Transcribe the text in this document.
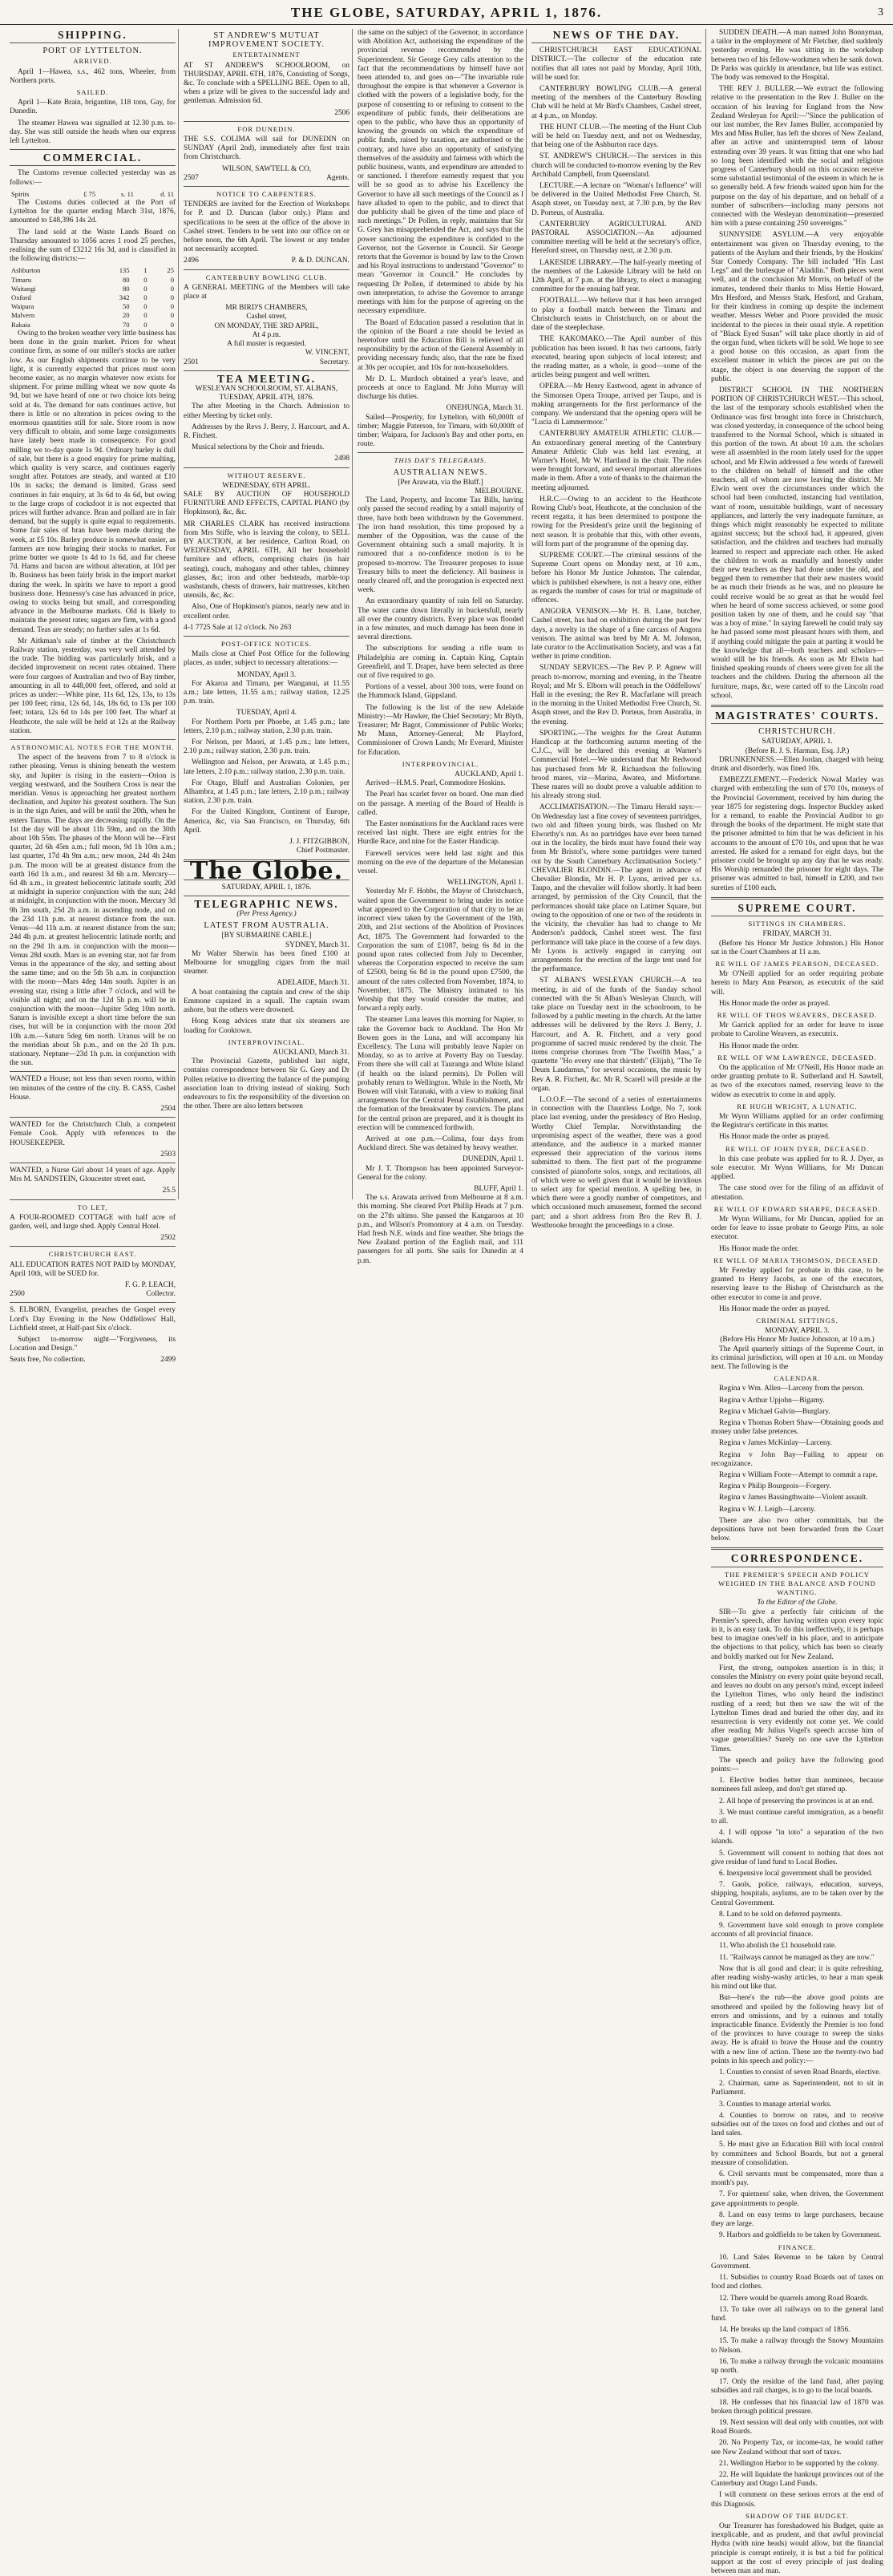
THE GLOBE, SATURDAY, APRIL 1, 1876.	3
SHIPPING.
PORT OF LYTTELTON.
ARRIVED.

April 1—Hawea, s.s., 462 tons, Wheeler, from Northern ports.

SAILED.

April 1—Kate Brain, brigantine, 118 tons, Gay, for Dunedin.

The steamer Hawea was signalled at 12.30 p.m. to-day. She was still outside the heads when our express left Lyttelton.

COMMERCIAL.

The Customs revenue collected yesterday was as follows:—

Spirits	£ 75	s. 11	d. 11

The Customs duties collected at the Port of Lyttelton for the quarter ending March 31st, 1876, amounted to £48,396 14s 2d.

The land sold at the Waste Lands Board on Thursday amounted to 1056 acres 1 rood 25 perches, realising the sum of £3212 16s 3d, and is classified in the following districts:—

Ashburton	135	1	25
Timaru	80	0	0
Waitangi	80	0	0
Oxford	342	0	0
Waipara	50	0	0
Malvern	20	0	0
Rakaia	70	0	0

Owing to the broken weather very little business has been done in the grain market. Prices for wheat continue firm, as some of our miller's stocks are rather low. As our English shipments continue to be very light, it is currently expected that prices must soon become easier, as no margin whatever now exists for shipment. For prime milling wheat we now quote 4s 9d, but we have heard of one or two choice lots being sold at 4s. The demand for oats continues active, but there is little or no alteration in prices owing to the enormous quantities still for sale. Store room is now very difficult to obtain, and some large consignments have lately been made in consequence. For good milling we to-day quote 1s 9d. Ordinary barley is dull of sale, but there is a good enquiry for prime malting, which quality is very scarce, and continues eagerly sought after. Potatoes are steady, and wanted at £10 10s in sacks; the demand is limited. Grass seed continues in fair enquiry, at 3s 6d to 4s 6d, but owing to the large crops of cocksfoot it is not expected that prices will further advance. Bran and pollard are in fair demand, but the supply is quite equal to requirements. Some fair sales of bran have been made during the week, at £5 10s. Barley produce is somewhat easier, as farmers are now bringing their stocks to market. For prime butter we quote 1s 4d to 1s 6d, and for cheese 7d. Hams and bacon are without alteration, at 10d per lb. Business has been fairly brisk in the import market during the week. In spirits we have to report a good business done. Hennessy's case has advanced in price, owing to stocks being but small, and corresponding advance in the Melbourne markets. Old is likely to maintain the present rates; sugars are firm, with a good demand. Teas are steady; no further sales at 1s 6d.

Mr Aitkman's sale of timber at the Christchurch Railway station, yesterday, was very well attended by the trade. The bidding was particularly brisk, and a decided improvement on recent rates obtained. There were four cargoes of Australian and two of Bay timber, amounting in all to 448,000 feet, offered, and sold at prices as under:—White pine, 11s 6d, 12s, 13s, to 13s per 100 feet; rimu, 12s 6d, 14s, 18s 6d, to 13s per 100 feet; totara, 12s 6d to 14s per 100 feet. The wharf at Heathcote, the sale will be held at 12s at the Railway station.

ASTRONOMICAL NOTES FOR THE MONTH.

The aspect of the heavens from 7 to 8 o'clock is rather pleasing. Venus is shining beneath the western sky, and Jupiter is rising in the eastern—Orion is verging westward, and the Southern Cross is near the meridian. Venus is approaching her greatest northern declination, and Jupiter his greatest southern. The Sun is in the sign Aries, and will be until the 20th, when he enters Taurus. The days are decreasing rapidly. On the 1st the day will be about 11h 59m, and on the 30th about 10h 55m. The phases of the Moon will be—First quarter, 2d 6h 45m a.m.; full moon, 9d 1h 10m a.m.; last quarter, 17d 4h 9m a.m.; new moon, 24d 4h 24m p.m. The moon will be at greatest distance from the earth 16d 1h a.m., and nearest 3d 6h a.m. Mercury—6d 4h a.m., in greatest heliocentric latitude south; 20d at midnight in superior conjunction with the sun; 24d at midnight, in conjunction with the moon. Mercury 3d 9h 3m south, 25d 2h a.m. in ascending node, and on the 23d 11h p.m. at nearest distance from the sun. Venus—4d 11h a.m. at nearest distance from the sun; 24d 4h p.m. at greatest heliocentric latitude north; and on the 29d 1h a.m. in conjunction with the moon—Venus 28d south. Mars is an evening star, not far from Venus in the appearance of the sky, and setting about the same time; and on the 5th 5h a.m. in conjunction with the moon—Mars 4deg 14m south. Jupiter is an evening star, rising a little after 7 o'clock, and will be visible all night; and on the 12d 5h p.m. will be in conjunction with the moon—Jupiter 5deg 10m north. Saturn is invisible except a short time before the sun rises, but will be in conjunction with the moon 20d 10h a.m.—Saturn 5deg 6m north. Uranus will be on the meridian about 5h p.m., and on the 2d 1h p.m. stationary. Neptune—23d 1h p.m. in conjunction with the sun.

WANTED a House; not less than seven rooms, within ten minutes of the centre of the city. B. CASS, Cashel House.

2504

WANTED for the Christchurch Club, a competent Female Cook. Apply with references to the HOUSEKEEPER.

2503

WANTED, a Nurse Girl about 14 years of age. Apply Mrs M. SANDSTEIN, Gloucester street east.

25.5
TO LET,

A FOUR-ROOMED COTTAGE with half acre of garden, well, and large shed. Apply Central Hotel.

2502
CHRISTCHURCH EAST.

ALL EDUCATION RATES NOT PAID by MONDAY, April 10th, will be SUED for.

F. G. P. LEACH,
2500	Collector.

S. ELBORN, Evangelist, preaches the Gospel every Lord's Day Evening in the New Oddfellows' Hall, Lichfield street, at Half-past Six o'clock.

Subject to-morrow night—"Forgiveness, its Location and Design."

Seats free, No collection.	2499
ST ANDREW'S MUTUAT IMPROVEMENT SOCIETY.
ENTERTAINMENT

AT ST ANDREW'S SCHOOLROOM, on THURSDAY, APRIL 6TH, 1876, Consisting of Songs, &c. To conclude with a SPELLING BEE. Open to all, when a prize will be given to the successful lady and gentleman. Admission 6d.

2506
FOR DUNEDIN.

THE S.S. COLIMA will sail for DUNEDIN on SUNDAY (April 2nd), immediately after first train from Christchurch.

WILSON, SAWTELL & CO,
2507	Agents.
NOTICE TO CARPENTERS.

TENDERS are invited for the Erection of Workshops for P. and D. Duncan (labor only.) Plans and specifications to be seen at the office of the above in Cashel street. Tenders to be sent into our office on or before noon, the 6th April. The lowest or any tender not necessarily accepted.

2496	P. & D. DUNCAN.
CANTERBURY BOWLING CLUB.

A GENERAL MEETING of the Members will take place at

MR BIRD'S CHAMBERS,
Cashel street,
ON MONDAY, THE 3RD APRIL,
At 4 p.m.
A full muster is requested.
W. VINCENT,
2501	Secretary.
TEA MEETING.
WESLEYAN SCHOOLROOM, ST. ALBANS,
TUESDAY, APRIL 4TH, 1876.

The after Meeting in the Church. Admission to either Meeting by ticket only.

Addresses by the Revs J. Berry, J. Harcourt, and A. R. Fitchett.

Musical selections by the Choir and friends.

2498
WITHOUT RESERVE.
WEDNESDAY, 6TH APRIL.

SALE BY AUCTION OF HOUSEHOLD FURNITURE AND EFFECTS, CAPITAL PIANO (by Hopkinson), &c, &c.

MR CHARLES CLARK has received instructions from Mrs Stiffe, who is leaving the colony, to SELL BY AUCTION, at her residence, Carlton Road, on WEDNESDAY, APRIL 6TH, All her household furniture and effects, comprising chairs (in hair seating), couch, mahogany and other tables, chimney glasses, &c; iron and other bedsteads, marble-top washstands, chests of drawers, hair mattresses, kitchen utensils, &c, &c.

Also, One of Hopkinson's pianos, nearly new and in excellent order.

4-1 7725 Sale at 12 o'clock. No 263
POST-OFFICE NOTICES.

Mails close at Chief Post Office for the following places, as under, subject to necessary alterations:—

MONDAY, April 3.

For Akaroa and Timaru, per Wanganui, at 11.55 a.m.; late letters, 11.55 a.m.; railway station, 12.25 p.m. train.

TUESDAY, April 4.

For Northern Ports per Phoebe, at 1.45 p.m.; late letters, 2.10 p.m.; railway station, 2.30 p.m. train.

For Nelson, per Maori, at 1.45 p.m.; late letters, 2.10 p.m.; railway station, 2.30 p.m. train.

Wellington and Nelson, per Arawata, at 1.45 p.m.; late letters, 2.10 p.m.; railway station, 2.30 p.m. train.

For Otago, Bluff and Australian Colonies, per Alhambra, at 1.45 p.m.; late letters, 2.10 p.m.; railway station, 2.30 p.m. train.

For the United Kingdom, Continent of Europe, America, &c, via San Francisco, on Thursday, 6th April.

J. J. FITZGIBBON,
Chief Postmaster.
The Globe.
SATURDAY, APRIL 1, 1876.
TELEGRAPHIC NEWS.
(Per Press Agency.)
LATEST FROM AUSTRALIA.
[BY SUBMARINE CABLE.]
SYDNEY, March 31.

Mr Walter Sherwin has been fined £100 at Melbourne for smuggling cigars from the mail steamer.

ADELAIDE, March 31.

A boat containing the captain and crew of the ship Emmone capsized in a squall. The captain swam ashore, but the others were drowned.

Hong Kong advices state that six steamers are loading for Cooktown.

INTERPROVINCIAL.
AUCKLAND, March 31.

The Provincial Gazette, published last night, contains correspondence between Sir G. Grey and Dr Pollen relative to diverting the balance of the pumping association loan to driving instead of sinking. Such endeavours to fix the responsibility of the diversion on the other. There are also letters between

the same on the subject of the Governor, in accordance with Abolition Act, authorising the expenditure of the provincial revenue recommended by the Superintendent. Sir George Grey calls attention to the fact that the recommendations by himself have not been attended to, and goes on—"The invariable rule throughout the empire is that whenever a Governor is clothed with the powers of a legislative body, for the purpose of consenting to or refusing to consent to the expenditure of public funds, their deliberations are open to the public, who have thus an opportunity of knowing the grounds on which the expenditure of public funds, raised by taxation, are authorised or the contrary, and have also an opportunity of satisfying themselves of the assiduity and fairness with which the public business, wants, and expenditure are attended to or sanctioned. I therefore earnestly request that you will be so good as to advise his Excellency the Governor to have all such meetings of the Council as I have alluded to open to the public, and to direct that due publicity shall be given of the time and place of such meetings." Dr Pollen, in reply, maintains that Sir G. Grey has misapprehended the Act, and says that the power sanctioning the expenditure is confided to the Governor, not the Governor in Council. Sir George retorts that the Governor is bound by law to the Crown and his Royal instructions to understand "Governor" to mean "Governor in Council." He concludes by requesting Dr Pollen, if determined to abide by his own interpretation, to advise the Governor to arrange meetings with him for the purpose of agreeing on the necessary expenditure.

The Board of Education passed a resolution that in the opinion of the Board a rate should be levied as heretofore until the Education Bill is relieved of all responsibility by the action of the General Assembly in providing necessary funds; also, that the rate be fixed at 30s per occupier, and 10s for non-householders.

Mr D. L. Murdoch obtained a year's leave, and proceeds at once to England. Mr John Murray will discharge his duties.

ONEHUNGA, March 31.

Sailed—Prosperity, for Lyttelton, with 60,000ft of timber; Maggie Paterson, for Timaru, with 60,000ft of timber; Waipara, for Jackson's Bay and other ports, en route.

THIS DAY'S TELEGRAMS.
AUSTRALIAN NEWS.
[Per Arawata, via the Bluff.]
MELBOURNE.

The Land, Property, and Income Tax Bills, having only passed the second reading by a small majority of three, have both been withdrawn by the Government. The iron hand resolution, this time proposed by a member of the Opposition, was the cause of the Government obtaining such a small majority. It is rumoured that a no-confidence motion is to be proposed to-morrow. The Treasurer proposes to issue Treasury bills to meet the deficiency. All business is nearly cleared off, and the prorogation is expected next week.

An extraordinary quantity of rain fell on Saturday. The water came down literally in bucketsfull, nearly all over the country districts. Every place was flooded in a few minutes, and much damage has been done in several directions.

The subscriptions for sending a rifle team to Philadelphia are coming in. Captain King, Captain Greenfield, and T. Draper, have been selected as three out of five required to go.

Portions of a vessel, about 300 tons, were found on the Hummock Island, Gippsland.

The following is the list of the new Adelaide Ministry:—Mr Hawker, the Chief Secretary; Mr Blyth, Treasurer; Mr Bagot, Commissioner of Public Works; Mr Mann, Attorney-General; Mr Playford, Commissioner of Crown Lands; Mr Everard, Minister for Education.

INTERPROVINCIAL.
AUCKLAND, April 1.

Arrived—H.M.S. Pearl, Commodore Hoskins.

The Pearl has scarlet fever on board. One man died on the passage. A meeting of the Board of Health is called.

The Easter nominations for the Auckland races were received last night. There are eight entries for the Hurdle Race, and nine for the Easter Handicap.

Farewell services were held last night and this morning on the eve of the departure of the Melanesian vessel.

WELLINGTON, April 1.

Yesterday Mr F. Hobbs, the Mayor of Christchurch, waited upon the Government to bring under its notice what appeared to the Corporation of that city to be an incorrect view taken by the Government of the 19th, 20th, and 21st sections of the Abolition of Provinces Act, 1875. The Government had forwarded to the Corporation the sum of £1087, being 6s 8d in the pound upon rates collected from July to December, whereas the Corporation expected to receive the sum of £2500, being 6s 8d in the pound upon £7500, the amount of the rates collected from November, 1874, to November, 1875. The Ministry intimated to his Worship that they would consider the matter, and forward a reply early.

The steamer Luna leaves this morning for Napier, to take the Governor back to Auckland. The Hon Mr Bowen goes in the Luna, and will accompany his Excellency. The Luna will probably leave Napier on Monday, so as to arrive at Poverty Bay on Tuesday. From there she will call at Tauranga and White Island (if health on the island permits). Dr Pollen will probably return to Wellington. While in the North, Mr Bowen will visit Taranaki, with a view to making final arrangements for the Central Penal Establishment, and the formation of the breakwater by convicts. The plans for the central prison are prepared, and it is thought its erection will be commenced forthwith.

Arrived at one p.m.—Colima, four days from Auckland direct. She was detained by heavy weather.

DUNEDIN, April 1.

Mr J. T. Thompson has been appointed Surveyor-General for the colony.

BLUFF, April 1.

The s.s. Arawata arrived from Melbourne at 8 a.m. this morning. She cleared Port Phillip Heads at 7 p.m. on the 27th ultimo. She passed the Kangaroos at 10 p.m., and Wilson's Promontory at 4 a.m. on Tuesday. Had fresh N.E. winds and fine weather. She brings the New Zealand portion of the English mail, and 111 passengers for all ports. She sails for Dunedin at 4 p.m.

NEWS OF THE DAY.

CHRISTCHURCH EAST EDUCATIONAL DISTRICT.—The collector of the education rate notifies that all rates not paid by Monday, April 10th, will be sued for.

CANTERBURY BOWLING CLUB.—A general meeting of the members of the Canterbury Bowling Club will be held at Mr Bird's Chambers, Cashel street, at 4 p.m., on Monday.

THE HUNT CLUB.—The meeting of the Hunt Club will be held on Tuesday next, and not on Wednesday, that being one of the Ashburton race days.

ST. ANDREW'S CHURCH.—The services in this church will be conducted to-morrow evening by the Rev Archibald Campbell, from Queensland.

LECTURE.—A lecture on "Woman's Influence" will be delivered in the United Methodist Free Church, St. Asaph street, on Tuesday next, at 7.30 p.m, by the Rev D. Porteus, of Australia.

CANTERBURY AGRICULTURAL AND PASTORAL ASSOCIATION.—An adjourned committee meeting will be held at the secretary's office, Hereford street, on Thursday next, at 2.30 p.m.

LAKESIDE LIBRARY.—The half-yearly meeting of the members of the Lakeside Library will be held on 12th April, at 7 p.m. at the library, to elect a managing committee for the ensuing half year.

FOOTBALL.—We believe that it has been arranged to play a football match between the Timaru and Christchurch teams in Christchurch, on or about the date of the steeplechase.

THE KAKOMAKO.—The April number of this publication has been issued. It has two cartoons, fairly executed, bearing upon subjects of local interest; and the reading matter, as a whole, is good—some of the articles being pungent and well written.

OPERA.—Mr Henry Eastwood, agent in advance of the Simonsen Opera Troupe, arrived per Taupo, and is making arrangements for the first performance of the company. We understand that the opening opera will be "Lucia di Lammermoor."

CANTERBURY AMATEUR ATHLETIC CLUB.—An extraordinary general meeting of the Canterbury Amateur Athletic Club was held last evening, at Warner's Hotel, Mr W. Hartland in the chair. The rules were brought forward, and several important alterations made in them. After a vote of thanks to the chairman the meeting adjourned.

H.R.C.—Owing to an accident to the Heathcote Rowing Club's boat, Heathcote, at the conclusion of the recent regatta, it has been determined to postpone the rowing for the President's prize until the beginning of next season. It is probable that this, with other events, will form part of the programme of the opening day.

SUPREME COURT.—The criminal sessions of the Supreme Court opens on Monday next, at 10 a.m., before his Honor Mr Justice Johnston. The calendar, which is published elsewhere, is not a heavy one, either as regards the number of cases for trial or magnitude of offences.

ANGORA VENISON.—Mr H. B. Lane, butcher, Cashel street, has had on exhibition during the past few days, a novelty in the shape of a fine carcass of Angora venison. The animal was bred by Mr A. M. Johnson, late curator to the Acclimatisation Society, and was a fat wether in prime condition.

SUNDAY SERVICES.—The Rev P. P. Agnew will preach to-morrow, morning and evening, in the Theatre Royal; and Mr S. Elborn will preach in the Oddfellows' Hall in the evening; the Rev R. Macfarlane will preach in the morning in the United Methodist Free Church, St. Asaph street, and the Rev D. Porteus, from Australia, in the evening.

SPORTING.—The weights for the Great Autumn Handicap at the forthcoming autumn meeting of the C.J.C., will be declared this evening at Warner's Commercial Hotel.—We understand that Mr Redwood has purchased from Mr R. Richardson the following brood mares, viz—Marina, Awatea, and Misfortune. These mares will no doubt prove a valuable addition to his already strong stud.

ACCLIMATISATION.—The Timaru Herald says:—On Wednesday last a fine covey of seventeen partridges, two old and fifteen young birds, was flushed on Mr Elworthy's run. As no partridges have ever been turned out in the locality, the birds must have found their way from Mr Bristol's, where some partridges were turned out by the South Canterbury Acclimatisation Society." CHEVALIER BLONDIN.—The agent in advance of Chevalier Blondin, Mr H. P. Lyons, arrived per s.s. Taupo, and the chevalier will follow shortly. It had been arranged, by permission of the City Council, that the performances should take place on Latimer Square, but owing to the opposition of one or two of the residents in the vicinity, the chevalier has had to change to Mr Anderson's paddock, Cashel street west. The first performance will take place in the course of a few days. Mr Lyons is actively engaged in carrying out arrangements for the erection of the large tent used for the performance.

ST ALBAN'S WESLEYAN CHURCH.—A tea meeting, in aid of the funds of the Sunday school connected with the St Alban's Wesleyan Church, will take place on Tuesday next in the schoolroom, to be followed by a public meeting in the church. At the latter addresses will be delivered by the Revs J. Berry, J. Harcourt, and A. R. Fitchett, and a very good programme of sacred music rendered by the choir. The items comprise choruses from "The Twelfth Mass," a quartette "Ho every one that thirsteth" (Elijah), "The Te Deum Laudamus," for several occasions, the music by Rev A. R. Fitchett, &c. Mr R. Scarell will preside at the organ.

L.O.O.F.—The second of a series of entertainments in connection with the Dauntless Lodge, No 7, took place last evening, under the presidency of Bro Heslop, Worthy Chief Templar. Notwithstanding the unpromising aspect of the weather, there was a good attendance, and the audience in a marked manner expressed their appreciation of the various items submitted to them. The first part of the programme consisted of pianoforte solos, songs, and recitations, all of which were so well given that it would be invidious to select any for special mention. A spelling bee, in which there were a goodly number of competitors, and which occasioned much amusement, formed the second part; and a short address from Bro the Rev B. J. Westbrooke brought the proceedings to a close.

SUDDEN DEATH.—A man named John Bonnyman, a tailor in the employment of Mr Fletcher, died suddenly yesterday evening. He was sitting in the workshop between two of his fellow-workmen when he sank down. Dr Parks was quickly in attendance, but life was extinct. The body was removed to the Hospital.

THE REV J. BULLER.—We extract the following relative to the presentation to the Rev J. Buller on the occasion of his leaving for England from the New Zealand Wesleyan for April:—"Since the publication of our last number, the Rev James Buller, accompanied by Mrs and Miss Buller, has left the shores of New Zealand, after an active and uninterrupted term of labour extending over 39 years. It was fitting that one who had so long been identified with the social and religious progress of Canterbury should on this occasion receive some substantial testimonial of the esteem in which he is so generally held. A few friends waited upon him for the purpose on the day of his departure, and on behalf of a number of subscribers—including many persons not connected with the Wesleyan denomination—presented him with a purse containing 250 sovereigns."

SUNNYSIDE ASYLUM.—A very enjoyable entertainment was given on Thursday evening, to the patients of the Asylum and their friends, by the Hoskins' Star Comedy Company. The bill included "His Last Legs" and the burlesque of "Aladdin." Both pieces went well, and at the conclusion Mr Morris, on behalf of the inmates, tendered their thanks to Miss Hettie Howard, Mrs Hesford, and Messrs Stark, Hesford, and Graham, for their kindness in coming up despite the inclement weather. Messrs Weber and Poore provided the music incidental to the pieces in their usual style. A repetition of "Black Eyed Susan" will take place shortly in aid of the organ fund, when tickets will be sold. We hope to see a good house on this occasion, as apart from the excellent manner in which the pieces are put on the stage, the object is one deserving the support of the public.

DISTRICT SCHOOL IN THE NORTHERN PORTION OF CHRISTCHURCH WEST.—This school, the last of the temporary schools established when the Ordinance was first brought into force in Christchurch, was closed yesterday, in consequence of the school being transferred to the Normal School, which is situated in this portion of the town. At about 10 a.m. the scholars were all assembled in the room lately used for the upper school, and Mr Elwin addressed a few words of farewell to the children on behalf of himself and the other teachers, all of whom are now leaving the district. Mr Elwin went over the circumstances under which the school had been conducted, instancing bad ventilation, want of room, unsuitable buildings, want of necessary appliances, and latterly the very inadequate furniture, as things which might reasonably be expected to militate against success; but the school had, it appeared, given satisfaction, and the children and teachers had mutually learned to respect and appreciate each other. He asked the children to work as manfully and honestly under their new teachers as they had done under the old, and begged them to remember that their new masters would be as much their friends as he was, and no pleasure he could receive would be so great as that he would feel when he heard of some success achieved, or some good position taken by one of them, and he could say "that was a boy of mine." In saying farewell he could truly say he had passed some most pleasant hours with them, and if anything could mitigate the pain at parting it would be the knowledge that all—both teachers and scholars—would still be his friends. As soon as Mr Elwin had finished speaking rounds of cheers were given for all the teachers and the children. During the afternoon all the furniture, maps, &c, were carted off to the Lincoln road school.

MAGISTRATES' COURTS.
CHRISTCHURCH.
SATURDAY, APRIL 1.
(Before R. J. S. Harman, Esq. J.P.)

DRUNKENNESS.—Ellen Jordan, charged with being drunk and disorderly, was fined 10s.

EMBEZZLEMENT.—Frederick Nowal Marley was charged with embezzling the sum of £70 10s, moneys of the Provincial Government, received by him during the year 1875 for registering dogs. Inspector Buckley asked for a remand, to enable the Provincial Auditor to go through the books of the department. He might state that the prisoner admitted to him that he was deficient in his accounts to the amount of £70 10s, and upon that he was arrested. He asked for a remand for eight days, but the prisoner could be brought up any day that he was ready. His Worship remanded the prisoner for eight days. The prisoner was admitted to bail, himself in £200, and two sureties of £100 each.

SUPREME COURT.
SITTINGS IN CHAMBERS.
FRIDAY, MARCH 31.

(Before his Honor Mr Justice Johnston.) His Honor sat in the Court Chambers at 11 a.m.

RE WILL OF JAMES PEARSON, DECEASED.

Mr O'Neill applied for an order requiring probate herein to Mary Ann Pearson, as executrix of the said will.

His Honor made the order as prayed.

RE WILL OF THOS WEAVERS, DECEASED.

Mr Garrick applied for an order for leave to issue probate to Caroline Weavers, as executrix.

His Honor made the order.

RE WILL OF WM LAWRENCE, DECEASED.

On the application of Mr O'Neill, His Honor made an order granting probate to R. Sutherland and H. Sawtell, as two of the executors named, reserving leave to the widow as executrix to come in and apply.

RE HUGH WRIGHT, A LUNATIC.

Mr Wynn Williams applied for an order confirming the Registrar's certificate in this matter.

His Honor made the order as prayed.

RE WILL OF JOHN DYER, DECEASED.

In this case probate was applied for to R. J. Dyer, as sole executor. Mr Wynn Williams, for Mr Duncan applied.

The case stood over for the filing of an affidavit of attestation.

RE WILL OF EDWARD SHARPE, DECEASED.

Mr Wynn Williams, for Mr Duncan, applied for an order for leave to issue probate to George Pitts, as sole executor.

His Honor made the order.

RE WILL OF MARIA THOMSON, DECEASED.

Mr Fereday applied for probate in this case, to be granted to Henry Jacobs, as one of the executors, reserving leave to the Bishop of Christchurch as the other executor to come in and prove.

His Honor made the order as prayed.

CRIMINAL SITTINGS.
MONDAY, APRIL 3.
(Before His Honor Mr Justice Johnston, at 10 a.m.)

The April quarterly sittings of the Supreme Court, in its criminal jurisdiction, will open at 10 a.m. on Monday next. The following is the

CALENDAR.

Regina v Wm. Allen—Larceny from the person.

Regina v Arthur Upjohn—Bigamy.

Regina v Michael Galvin—Burglary.

Regina v Thomas Robert Shaw—Obtaining goods and money under false pretences.

Regina v James McKinlay—Larceny.

Regina v John Bay—Failing to appear on recognizance.

Regina v William Foote—Attempt to commit a rape.

Regina v Philip Bourgeois—Forgery.

Regina v James Bassingthwaite—Violent assault.

Regina v W. J. Leigh—Larceny.

There are also two other committals, but the depositions have not been forwarded from the Court below.

CORRESPONDENCE.
THE PREMIER'S SPEECH AND POLICY WEIGHED IN THE BALANCE AND FOUND WANTING.
To the Editor of the Globe.

SIR—To give a perfectly fair criticism of the Premier's speech, after having written upon every topic in it, is an easy task. To do this ineffectively, it is perhaps best to imagine ones'self in his place, and to anticipate the objections to that policy, which has been so clearly and boldly marked out for New Zealand.

First, the strong, outspoken assertion is in this; it consoles the Ministry on every point quite beyond recall, and leaves no doubt on any person's mind, except indeed the Lyttelton Times, who only heard the indistinct rustling of a reed; but then we saw the wit of the Lyttelton Times dead and buried the other day, and its resurrection is very evidently not come yet. We could after reading Mr Julius Vogel's speech accuse him of vague generalities? Surely no one save the Lyttelton Times.

The speech and policy have the following good points:—

1. Elective bodies better than nominees, because nominees fall asleep, and don't get stirred up.

2. All hope of preserving the provinces is at an end.

3. We must continue careful immigration, as a benefit to all.

4. I will oppose "in toto" a separation of the two islands.

5. Government will consent to nothing that does not give residue of land fund to Local Bodies.

6. Inexpensive local government shall be provided.

7. Gaols, police, railways, education, surveys, shipping, hospitals, asylums, are to be taken over by the Central Government.

8. Land to be sold on deferred payments.

9. Government have sold enough to prove complete accounts of all provincial finance.

11. Who abolish the £1 household rate.

11. "Railways cannot be managed as they are now."

Now that is all good and clear; it is quite refreshing, after reading wishy-washy articles, to hear a man speak his mind out like that.

But—here's the rub—the above good points are smothered and spoiled by the following heavy list of errors and omissions, and by a ruinous and totally impracticable finance. Evidently the Premier is too fond of the provinces to have courage to sweep the sinks away. He is afraid to brave the House and the country with a new line of action. These are the twenty-two bad points in his speech and policy:—

1. Counties to consist of seven Road Boards, elective.

2. Chairman, same as Superintendent, not to sit in Parliament.

3. Counties to manage arterial works.

4. Counties to borrow on rates, and to receive subsidies out of the taxes on food and clothes and out of land sales.

5. He must give an Education Bill with local control by committees and School Boards, but not a general measure of consolidation.

6. Civil servants must be compensated, more than a month's pay.

7. For quietness' sake, when driven, the Government gave appointments to people.

8. Land on easy terms to large purchasers, because they are large.

9. Harbors and goldfields to be taken by Government.

FINANCE.

10. Land Sales Revenue to be taken by Central Government.

11. Subsidies to country Road Boards out of taxes on food and clothes.

12. There would be quarrels among Road Boards.

13. To take over all railways on to the general land fund.

14. He breaks up the land compact of 1856.

15. To make a railway through the Snowy Mountains to Nelson.

16. To make a railway through the volcanic mountains up north.

17. Only the residue of the land fund, after paying subsidies and rail charges, is to go to the local boards.

18. He confesses that his financial law of 1870 was broken through political pressure.

19. Next session will deal only with counties, not with Road Boards.

20. No Property Tax, or income-tax, he would rather see New Zealand without that sort of taxes.

21. Wellington Harbor to be supported by the colony.

22. He will liquidate the bankrupt provinces out of the Canterbury and Otago Land Funds.

I will comment on these serious errors at the end of this Diagnosis.

SHADOW OF THE BUDGET.

Our Treasurer has foreshadowed his Budget, quite as inexplicable, and as prudent, and that awful provincial Hydra (with nine heads) would allow, but the financial principle is corrupt entirely, it is but a bid for political support at the cost of every principle of just dealing between man and man.
